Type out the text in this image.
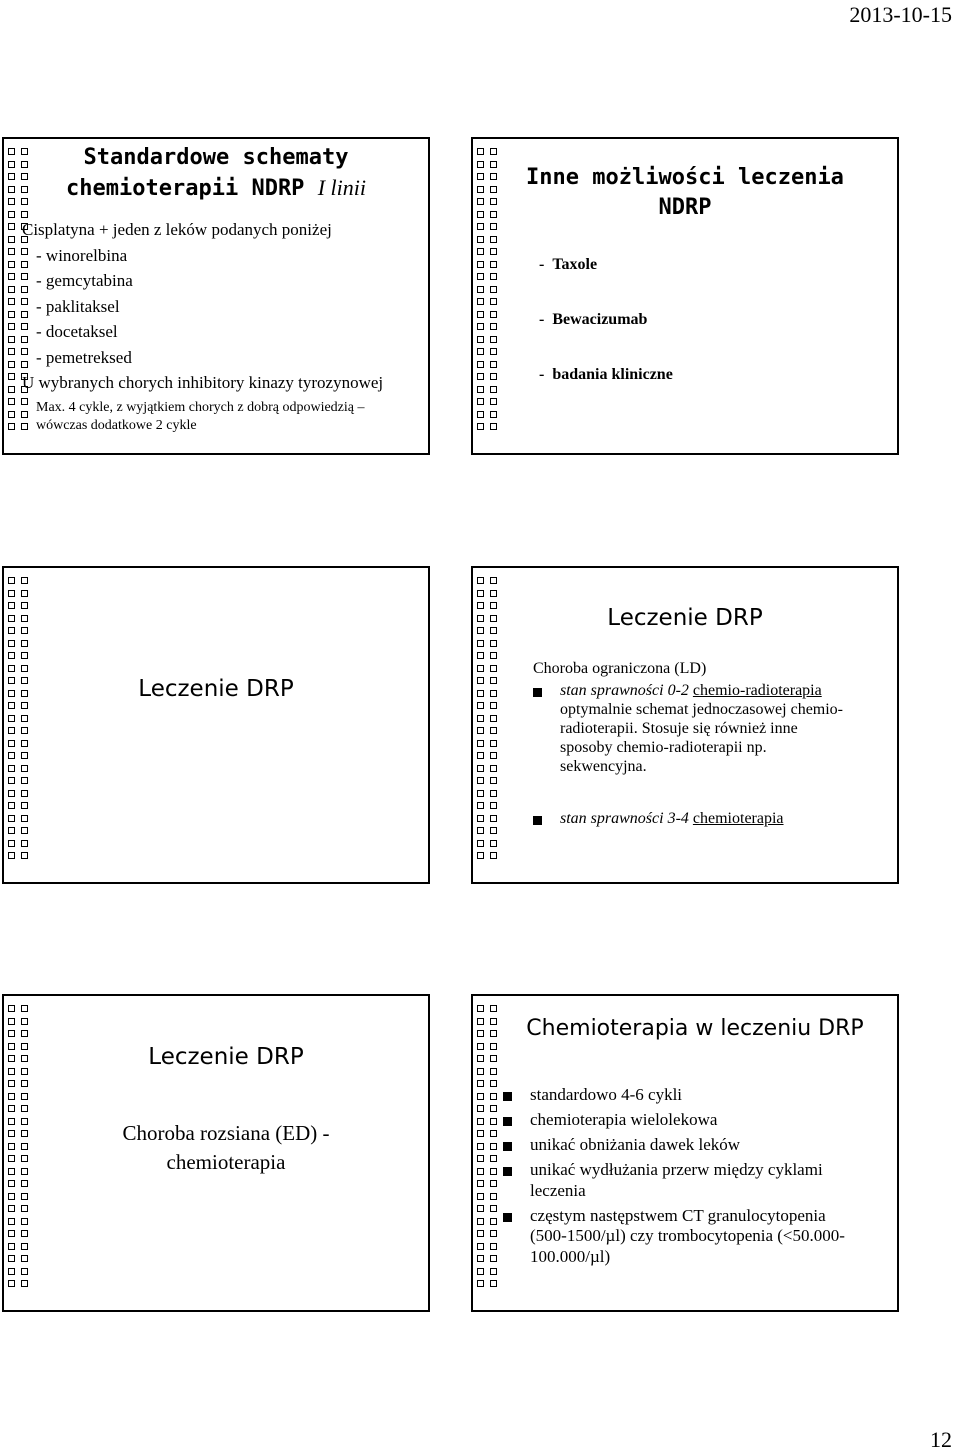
2013-10-15
Standardowe schematy
chemioterapii NDRP I linii
Cisplatyna + jeden z leków podanych poniżej
- winorelbina
- gemcytabina
- paklitaksel
- docetaksel
- pemetreksed
U wybranych chorych inhibitory kinazy tyrozynowej
Max. 4 cykle, z wyjątkiem chorych z dobrą odpowiedzią –
wówczas dodatkowe 2 cykle
Inne możliwości leczenia
NDRP
-  Taxole
-  Bewacizumab
-  badania kliniczne
Leczenie DRP
Leczenie DRP
Choroba ograniczona (LD)
stan sprawności 0-2 chemio-radioterapia
optymalnie schemat jednoczasowej chemio-
radioterapii. Stosuje się również inne
sposoby chemio-radioterapii np.
sekwencyjna.
stan sprawności 3-4 chemioterapia
Leczenie DRP
Choroba rozsiana (ED) -
chemioterapia
Chemioterapia w leczeniu DRP
standardowo 4-6 cykli
chemioterapia wielolekowa
unikać obniżania dawek leków
unikać wydłużania przerw między cyklami
leczenia
częstym następstwem CT granulocytopenia
(500-1500/µl) czy trombocytopenia (<50.000-
100.000/µl)
12
